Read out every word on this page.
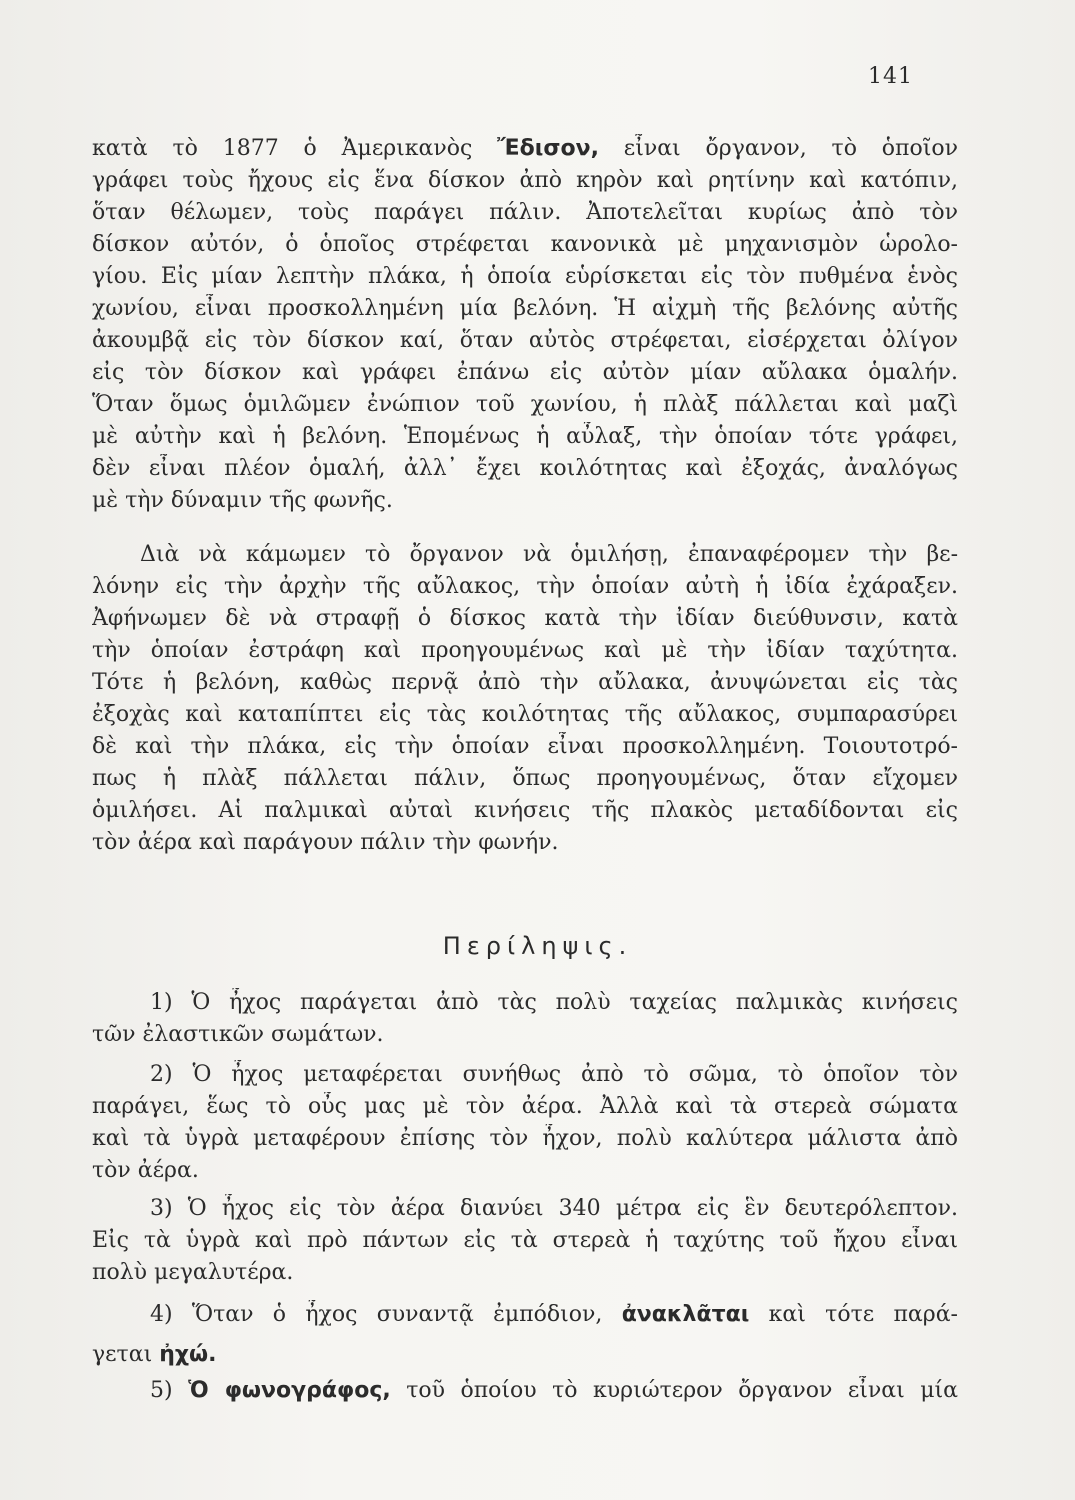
141
κατὰ τὸ 1877 ὁ Ἀμερικανὸς Ἔδισον, εἶναι ὄργανον, τὸ ὁποῖον
γράφει τοὺς ἤχους εἰς ἕνα δίσκον ἀπὸ κηρὸν καὶ ρητίνην καὶ κατόπιν,
ὅταν θέλωμεν, τοὺς παράγει πάλιν. Ἀποτελεῖται κυρίως ἀπὸ τὸν
δίσκον αὐτόν, ὁ ὁποῖος στρέφεται κανονικὰ μὲ μηχανισμὸν ὡρολο-
γίου. Εἰς μίαν λεπτὴν πλάκα, ἡ ὁποία εὑρίσκεται εἰς τὸν πυθμένα ἑνὸς
χωνίου, εἶναι προσκολλημένη μία βελόνη. Ἡ αἰχμὴ τῆς βελόνης αὐτῆς
ἀκουμβᾷ εἰς τὸν δίσκον καί, ὅταν αὐτὸς στρέφεται, εἰσέρχεται ὀλίγον
εἰς τὸν δίσκον καὶ γράφει ἐπάνω εἰς αὐτὸν μίαν αὔλακα ὁμαλήν.
Ὅταν ὅμως ὁμιλῶμεν ἐνώπιον τοῦ χωνίου, ἡ πλὰξ πάλλεται καὶ μαζὶ
μὲ αὐτὴν καὶ ἡ βελόνη. Ἑπομένως ἡ αὖλαξ, τὴν ὁποίαν τότε γράφει,
δὲν εἶναι πλέον ὁμαλή, ἀλλ᾽ ἔχει κοιλότητας καὶ ἐξοχάς, ἀναλόγως
μὲ τὴν δύναμιν τῆς φωνῆς.
Διὰ νὰ κάμωμεν τὸ ὄργανον νὰ ὁμιλήσῃ, ἐπαναφέρομεν τὴν βε-
λόνην εἰς τὴν ἀρχὴν τῆς αὔλακος, τὴν ὁποίαν αὐτὴ ἡ ἰδία ἐχάραξεν.
Ἀφήνωμεν δὲ νὰ στραφῇ ὁ δίσκος κατὰ τὴν ἰδίαν διεύθυνσιν, κατὰ
τὴν ὁποίαν ἐστράφη καὶ προηγουμένως καὶ μὲ τὴν ἰδίαν ταχύτητα.
Τότε ἡ βελόνη, καθὼς περνᾷ ἀπὸ τὴν αὔλακα, ἀνυψώνεται εἰς τὰς
ἐξοχὰς καὶ καταπίπτει εἰς τὰς κοιλότητας τῆς αὔλακος, συμπαρασύρει
δὲ καὶ τὴν πλάκα, εἰς τὴν ὁποίαν εἶναι προσκολλημένη. Τοιουτοτρό-
πως ἡ πλὰξ πάλλεται πάλιν, ὅπως προηγουμένως, ὅταν εἴχομεν
ὁμιλήσει. Αἱ παλμικαὶ αὐταὶ κινήσεις τῆς πλακὸς μεταδίδονται εἰς
τὸν ἀέρα καὶ παράγουν πάλιν τὴν φωνήν.
Περίληψις.
1) Ὁ ἦχος παράγεται ἀπὸ τὰς πολὺ ταχείας παλμικὰς κινήσεις
τῶν ἐλαστικῶν σωμάτων.
2) Ὁ ἦχος μεταφέρεται συνήθως ἀπὸ τὸ σῶμα, τὸ ὁποῖον τὸν
παράγει, ἕως τὸ οὖς μας μὲ τὸν ἀέρα. Ἀλλὰ καὶ τὰ στερεὰ σώματα
καὶ τὰ ὑγρὰ μεταφέρουν ἐπίσης τὸν ἦχον, πολὺ καλύτερα μάλιστα ἀπὸ
τὸν ἀέρα.
3) Ὁ ἦχος εἰς τὸν ἀέρα διανύει 340 μέτρα εἰς ἓν δευτερόλεπτον.
Εἰς τὰ ὑγρὰ καὶ πρὸ πάντων εἰς τὰ στερεὰ ἡ ταχύτης τοῦ ἤχου εἶναι
πολὺ μεγαλυτέρα.
4) Ὅταν ὁ ἦχος συναντᾷ ἐμπόδιον, ἀνακλᾶται καὶ τότε παρά-
γεται ἠχώ.
5) Ὁ φωνογράφος, τοῦ ὁποίου τὸ κυριώτερον ὄργανον εἶναι μία
